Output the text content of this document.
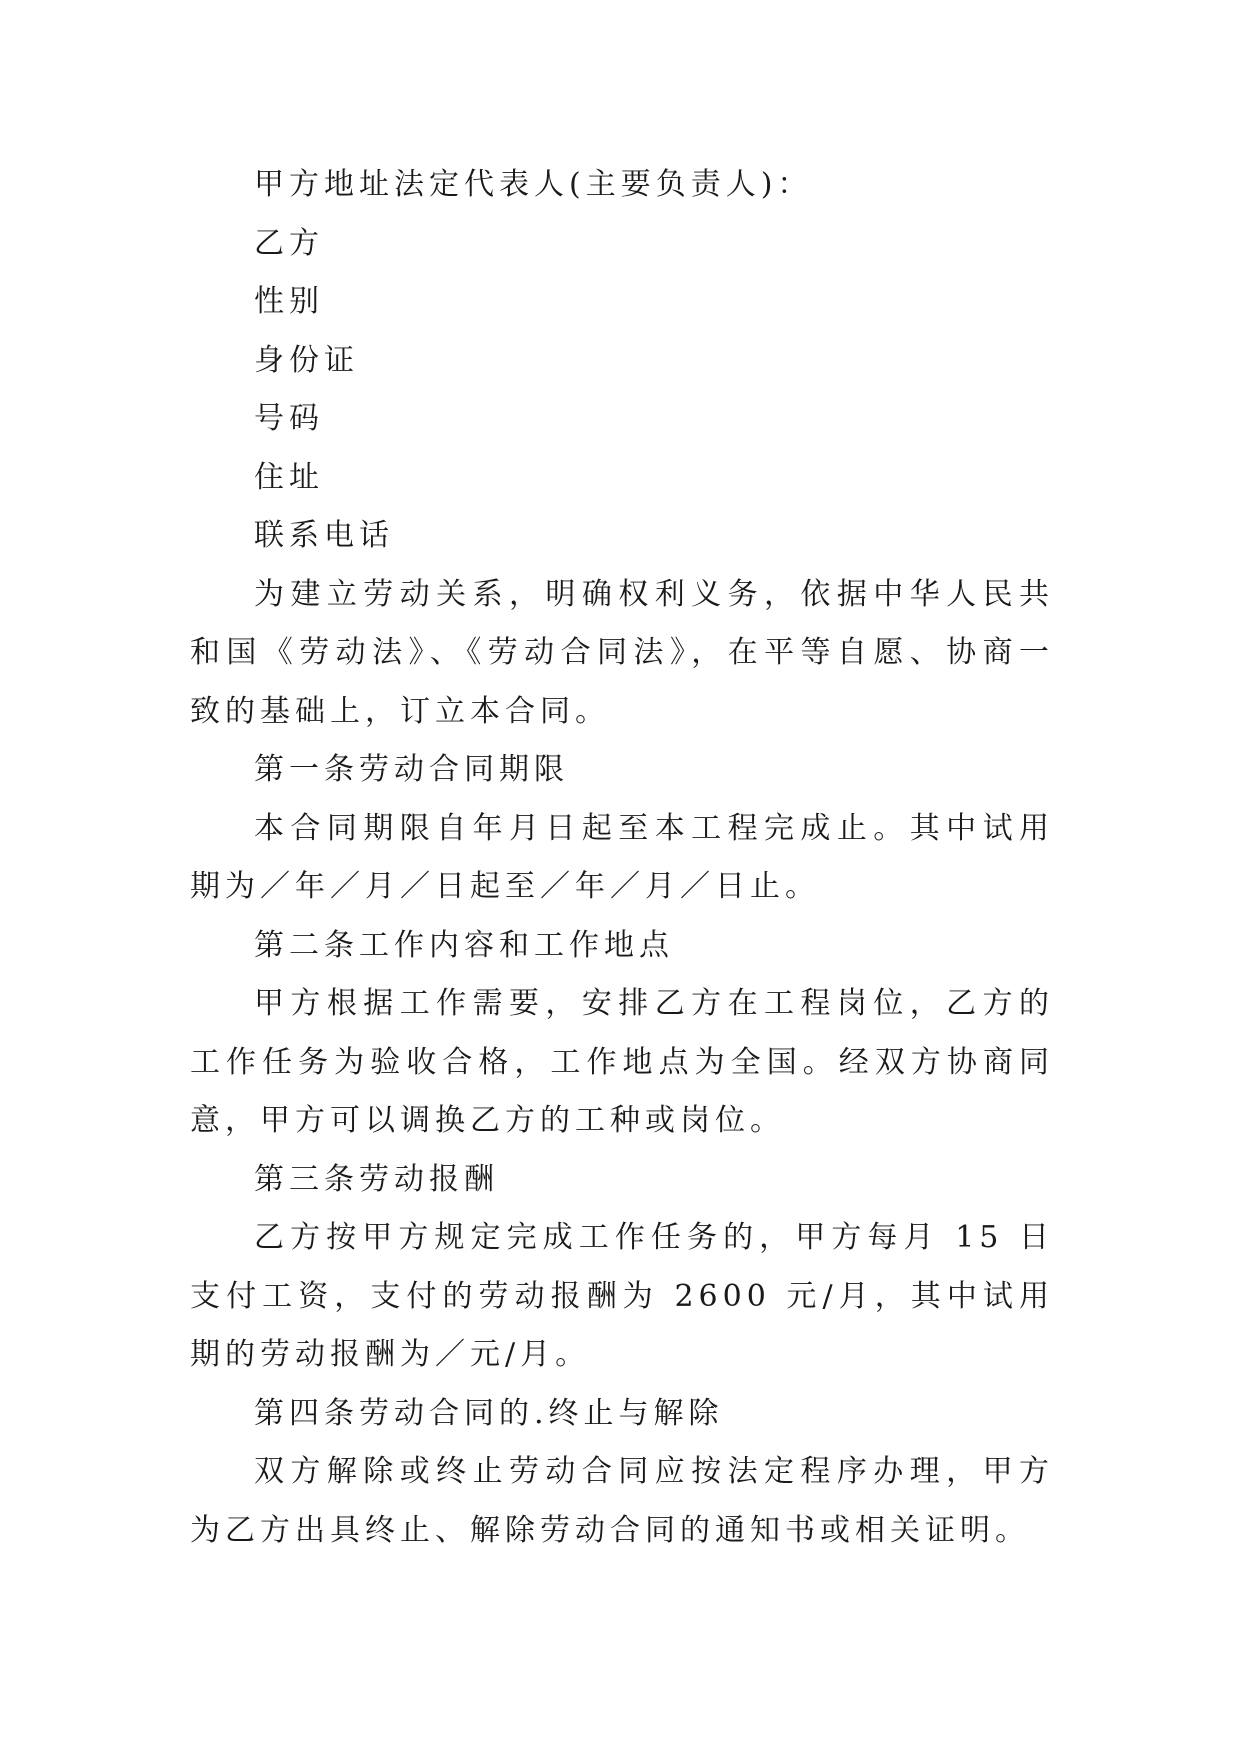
甲方地址法定代表人(主要负责人)：

乙方

性别

身份证

号码

住址

联系电话

为建立劳动关系，明确权利义务，依据中华人民共和国《劳动法》、《劳动合同法》，在平等自愿、协商一致的基础上，订立本合同。

第一条劳动合同期限

本合同期限自年月日起至本工程完成止。其中试用期为／年／月／日起至／年／月／日止。

第二条工作内容和工作地点

甲方根据工作需要，安排乙方在工程岗位，乙方的工作任务为验收合格，工作地点为全国。经双方协商同意，甲方可以调换乙方的工种或岗位。

第三条劳动报酬

乙方按甲方规定完成工作任务的，甲方每月 15 日支付工资，支付的劳动报酬为 2600 元/月，其中试用期的劳动报酬为／元/月。

第四条劳动合同的.终止与解除

双方解除或终止劳动合同应按法定程序办理，甲方为乙方出具终止、解除劳动合同的通知书或相关证明。
